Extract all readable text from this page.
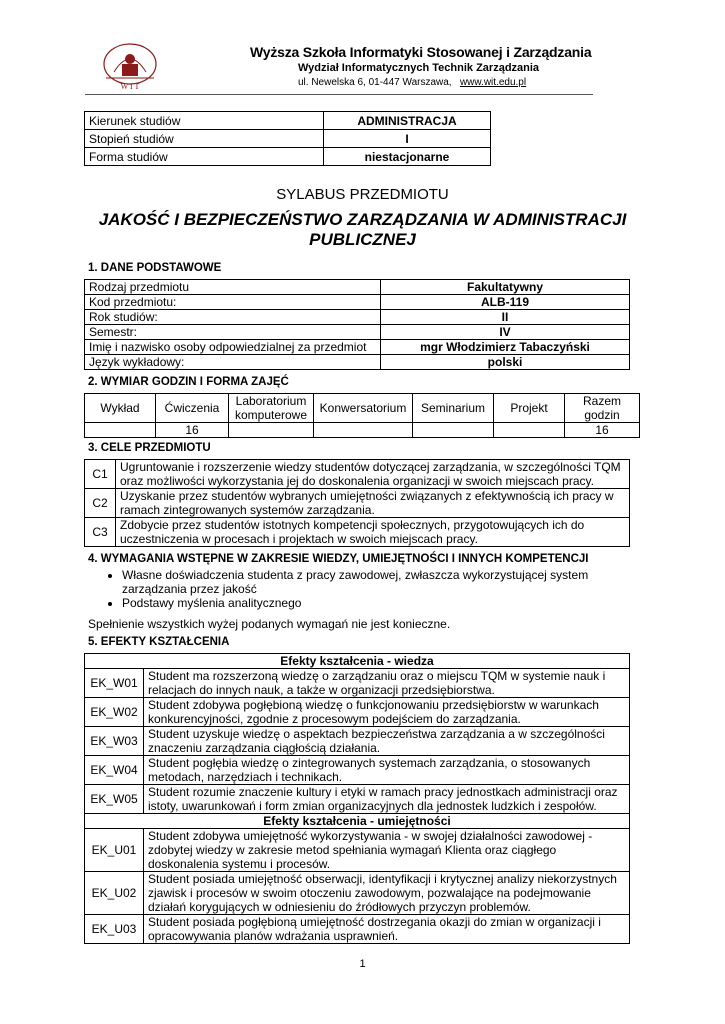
W I T
Wyższa Szkoła Informatyki Stosowanej i Zarządzania
Wydział Informatycznych Technik Zarządzania
ul. Newelska 6, 01-447 Warszawa, www.wit.edu.pl
Kierunek studiów	ADMINISTRACJA
Stopień studiów	I
Forma studiów	niestacjonarne
SYLABUS PRZEDMIOTU
JAKOŚĆ I BEZPIECZEŃSTWO ZARZĄDZANIA W ADMINISTRACJI PUBLICZNEJ
1. DANE PODSTAWOWE
Rodzaj przedmiotu	Fakultatywny
Kod przedmiotu:	ALB-119
Rok studiów:	II
Semestr:	IV
Imię i nazwisko osoby odpowiedzialnej za przedmiot	mgr Włodzimierz Tabaczyński
Język wykładowy:	polski
2. WYMIAR GODZIN I FORMA ZAJĘĆ
Wykład	Ćwiczenia	Laboratorium komputerowe	Konwersatorium	Seminarium	Projekt	Razem godzin
	16					16
3. CELE PRZEDMIOTU
C1	Ugruntowanie i rozszerzenie wiedzy studentów dotyczącej zarządzania, w szczególności TQM oraz możliwości wykorzystania jej do doskonalenia organizacji w swoich miejscach pracy.
C2	Uzyskanie przez studentów wybranych umiejętności związanych z efektywnością ich pracy w ramach zintegrowanych systemów zarządzania.
C3	Zdobycie przez studentów istotnych kompetencji społecznych, przygotowujących ich do uczestniczenia w procesach i projektach w swoich miejscach pracy.
4. WYMAGANIA WSTĘPNE W ZAKRESIE WIEDZY, UMIEJĘTNOŚCI I INNYCH KOMPETENCJI
• Własne doświadczenia studenta z pracy zawodowej, zwłaszcza wykorzystującej system zarządzania przez jakość
• Podstawy myślenia analitycznego
Spełnienie wszystkich wyżej podanych wymagań nie jest konieczne.
5. EFEKTY KSZTAŁCENIA
Efekty kształcenia - wiedza	
EK_W01	Student ma rozszerzoną wiedzę o zarządzaniu oraz o miejscu TQM w systemie nauk i relacjach do innych nauk, a także w organizacji przedsiębiorstwa.
EK_W02	Student zdobywa pogłębioną wiedzę o funkcjonowaniu przedsiębiorstw w warunkach konkurencyjności, zgodnie z procesowym podejściem do zarządzania.
EK_W03	Student uzyskuje wiedzę o aspektach bezpieczeństwa zarządzania a w szczególności znaczeniu zarządzania ciągłością działania.
EK_W04	Student pogłębia wiedzę o zintegrowanych systemach zarządzania, o stosowanych metodach, narzędziach i technikach.
EK_W05	Student rozumie znaczenie kultury i etyki w ramach pracy jednostkach administracji oraz istoty, uwarunkowań i form zmian organizacyjnych dla jednostek ludzkich i zespołów.
Efekty kształcenia - umiejętności	
EK_U01	Student zdobywa umiejętność wykorzystywania - w swojej działalności zawodowej - zdobytej wiedzy w zakresie metod spełniania wymagań Klienta oraz ciągłego doskonalenia systemu i procesów.
EK_U02	Student posiada umiejętność obserwacji, identyfikacji i krytycznej analizy niekorzystnych zjawisk i procesów w swoim otoczeniu zawodowym, pozwalające na podejmowanie działań korygujących w odniesieniu do źródłowych przyczyn problemów.
EK_U03	Student posiada pogłębioną umiejętność dostrzegania okazji do zmian w organizacji i opracowywania planów wdrażania usprawnień.
1
